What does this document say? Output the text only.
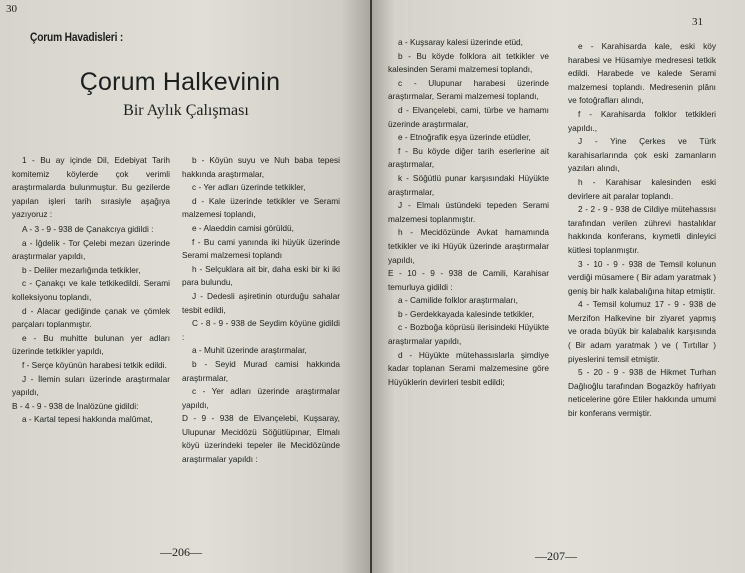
30
Çorum Havadisleri :
Çorum Halkevinin
Bir Aylık Çalışması

1 - Bu ay içinde Dil, Edebiyat Tarih komitemiz köylerde çok verimli araştırmalarda bulunmuştur. Bu gezilerde yapılan işleri tarih sırasiyle aşağıya yazıyoruz :

A - 3 - 9 - 938 de Çanakcıya gidildi :

a - İğdelik - Tor Çelebi mezarı üzerinde araştırmalar yapıldı,

b - Deliler mezarlığında tetkikler,

c - Çanakçı ve kale tetkikedildi. Serami kolleksiyonu toplandı,

d - Alacar gediğinde çanak ve çömlek parçaları toplanmıştır.

e - Bu muhitte bulunan yer adları üzerinde tetkikler yapıldı,

f - Serçe köyünün harabesi tetkik edildi.

J - İlemin suları üzerinde araştırmalar yapıldı,

B - 4 - 9 - 938 de İnalözüne gidildi:

a - Kartal tepesi hakkında malûmat,

b - Köyün suyu ve Nuh baba tepesi hakkında araştırmalar,

c - Yer adları üzerinde tetkikler,

d - Kale üzerinde tetkikler ve Serami malzemesi toplandı,

e - Alaeddin camisi görüldü,

f - Bu cami yanında iki hüyük üzerinde Serami malzemesi toplandı

h - Selçuklara ait bir, daha eski bir ki iki para bulundu,

J - Dedesli aşiretinin oturduğu sahalar tesbit edildi,

C - 8 - 9 - 938 de Seydim köyüne gidildi :

a - Muhit üzerinde araştırmalar,

b - Seyid Murad camisi hakkında araştırmalar,

c - Yer adları üzerinde araştırmalar yapıldı,

D - 9 - 938 de Elvançelebi, Kuşsaray, Ulupunar Mecidözü Söğütlüpınar, Elmalı köyü üzerindeki tepeler ile Mecidözünde araştırmalar yapıldı :

—206—
31

a - Kuşsaray kalesi üzerinde etüd,

b - Bu köyde folklora ait tetkikler ve kalesinden Serami malzemesi toplandı,

c - Ulupunar harabesi üzerinde araştırmalar, Serami malzemesi toplandı,

d - Elvançelebi, cami, türbe ve hamamı üzerinde araştırmalar,

e - Etnoğrafik eşya üzerinde etüdler,

f - Bu köyde diğer tarih eserlerine ait araştırmalar,

k - Söğütlü punar karşısındaki Hüyükte araştırmalar,

J - Elmalı üstündeki tepeden Serami malzemesi toplanmıştır.

h - Mecidözünde Avkat hamamında tetkikler ve iki Hüyük üzerinde araştırmalar yapıldı,

E - 10 - 9 - 938 de Camili, Karahisar temurluya gidildi :

a - Camilide folklor araştırmaları,

b - Gerdekkayada kalesinde tetkikler,

c - Bozboğa köprüsü ilerisindeki Hüyükte araştırmalar yapıldı,

d - Hüyükte mütehassıslarla şimdiye kadar toplanan Serami malzemesine göre Hüyüklerin devirleri tesbit edildi;

e - Karahisarda kale, eski köy harabesi ve Hüsamiye medresesi tetkik edildi. Harabede ve kalede Serami malzemesi toplandı. Medresenin plânı ve fotoğrafları alındı,

f - Karahisarda folklor tetkikleri yapıldı.,

J - Yine Çerkes ve Türk karahisarlarında çok eski zamanların yazıları alındı,

h - Karahisar kalesinden eski devirlere ait paralar toplandı.

2 - 2 - 9 - 938 de Cildiye mütehassısı tarafından verilen zührevi hastalıklar hakkında konferans, kıymetli dinleyici kütlesi toplanmıştır.

3 - 10 - 9 - 938 de Temsil kolunun verdiği müsamere ( Bir adam yaratmak ) geniş bir halk kalabalığına hitap etmiştir.

4 - Temsil kolumuz 17 - 9 - 938 de Merzifon Halkevine bir ziyaret yapmış ve orada büyük bir kalabalık karşısında ( Bir adam yaratmak ) ve ( Tırtıllar ) piyeslerini temsil etmiştir.

5 - 20 - 9 - 938 de Hikmet Turhan Dağlıoğlu tarafından Bogazköy hafriyatı neticelerine göre Etiler hakkında umumi bir konferans vermiştir.

—207—
